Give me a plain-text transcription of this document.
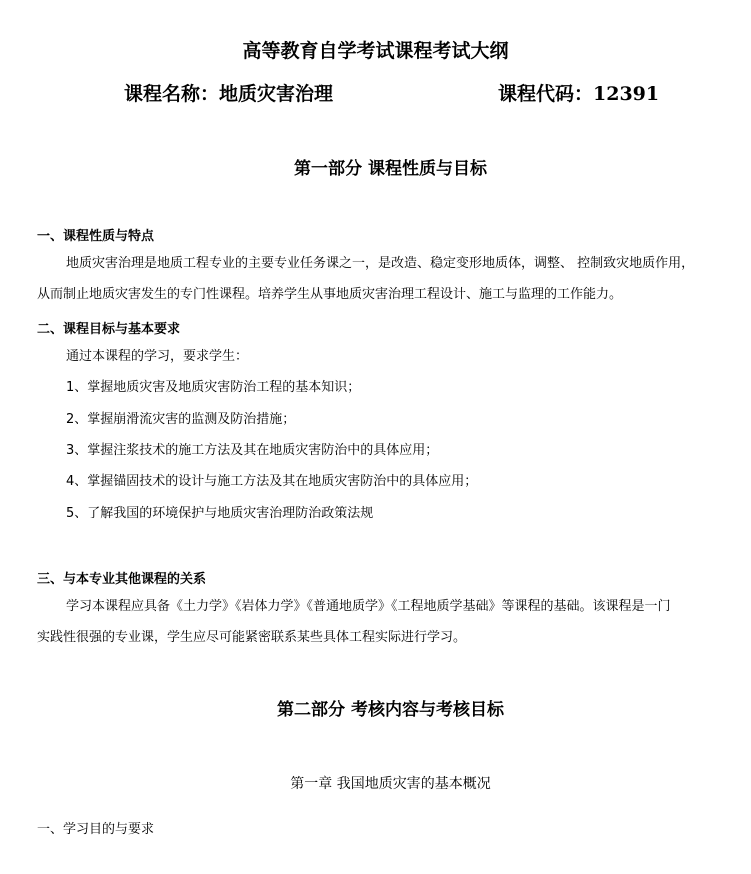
高等教育自学考试课程考试大纲
课程名称：地质灾害治理	课程代码：12391
第一部分 课程性质与目标
一、课程性质与特点
地质灾害治理是地质工程专业的主要专业任务课之一，是改造、稳定变形地质体，调整、 控制致灾地质作用，
从而制止地质灾害发生的专门性课程。培养学生从事地质灾害治理工程设计、施工与监理的工作能力。
二、课程目标与基本要求
通过本课程的学习，要求学生：
1、掌握地质灾害及地质灾害防治工程的基本知识；
2、掌握崩滑流灾害的监测及防治措施；
3、掌握注浆技术的施工方法及其在地质灾害防治中的具体应用；
4、掌握锚固技术的设计与施工方法及其在地质灾害防治中的具体应用；
5、了解我国的环境保护与地质灾害治理防治政策法规
三、与本专业其他课程的关系
学习本课程应具备《土力学》《岩体力学》《普通地质学》《工程地质学基础》等课程的基础。该课程是一门
实践性很强的专业课，学生应尽可能紧密联系某些具体工程实际进行学习。
第二部分 考核内容与考核目标
第一章 我国地质灾害的基本概况
一、学习目的与要求
